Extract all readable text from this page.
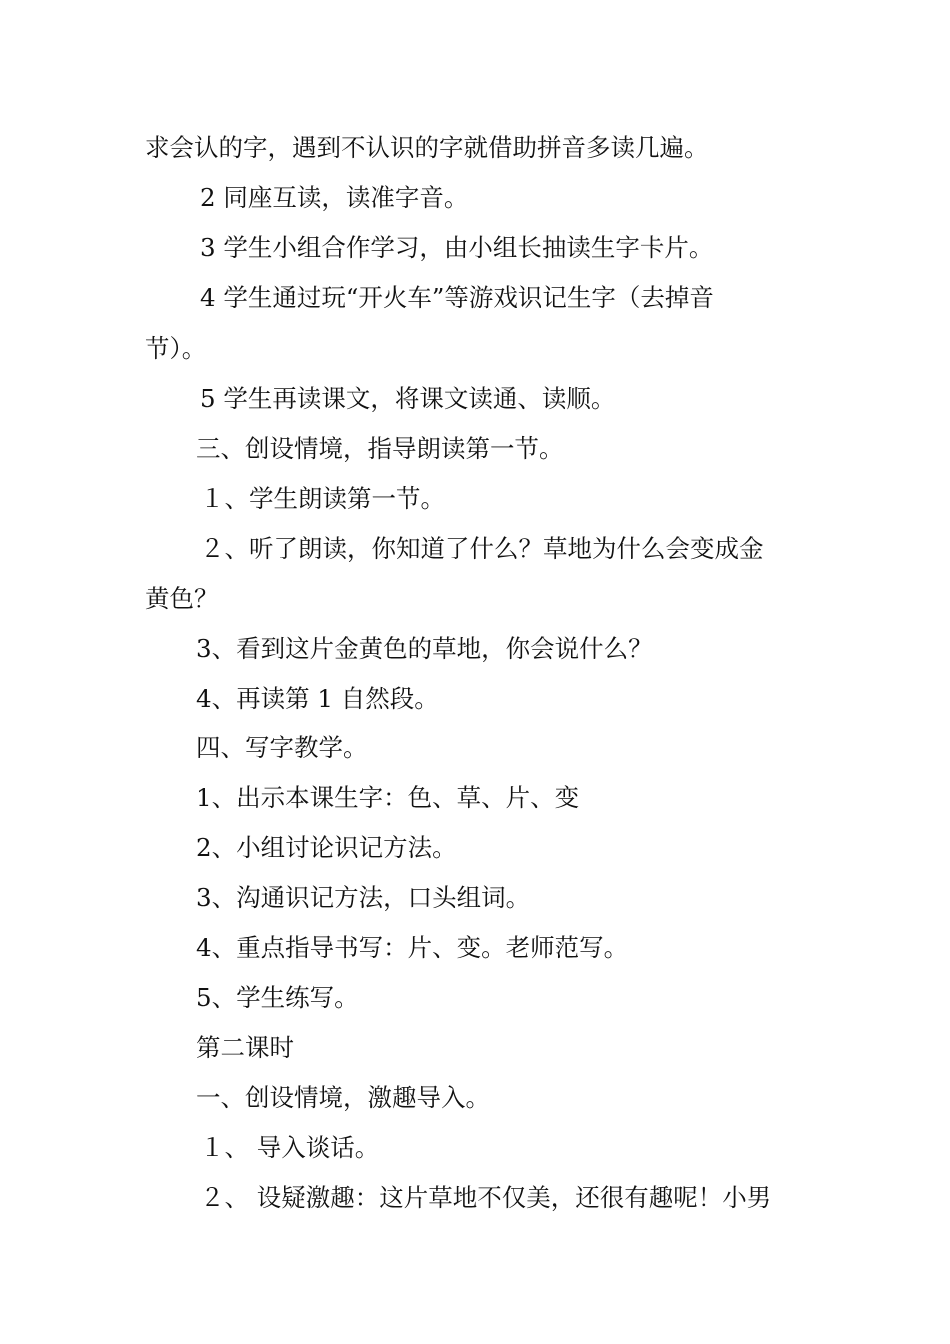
求会认的字，遇到不认识的字就借助拼音多读几遍。
2 同座互读，读准字音。
3 学生小组合作学习，由小组长抽读生字卡片。
4 学生通过玩“开火车”等游戏识记生字（去掉音
节）。
5 学生再读课文，将课文读通、读顺。
三、创设情境，指导朗读第一节。
１、学生朗读第一节。
２、听了朗读，你知道了什么？草地为什么会变成金
黄色？
3、看到这片金黄色的草地，你会说什么？
4、再读第 1 自然段。
四、写字教学。
1、出示本课生字：色、草、片、变
2、小组讨论识记方法。
3、沟通识记方法，口头组词。
4、重点指导书写：片、变。老师范写。
5、学生练写。
第二课时
一、创设情境，激趣导入。
１、 导入谈话。
２、 设疑激趣：这片草地不仅美，还很有趣呢！小男
